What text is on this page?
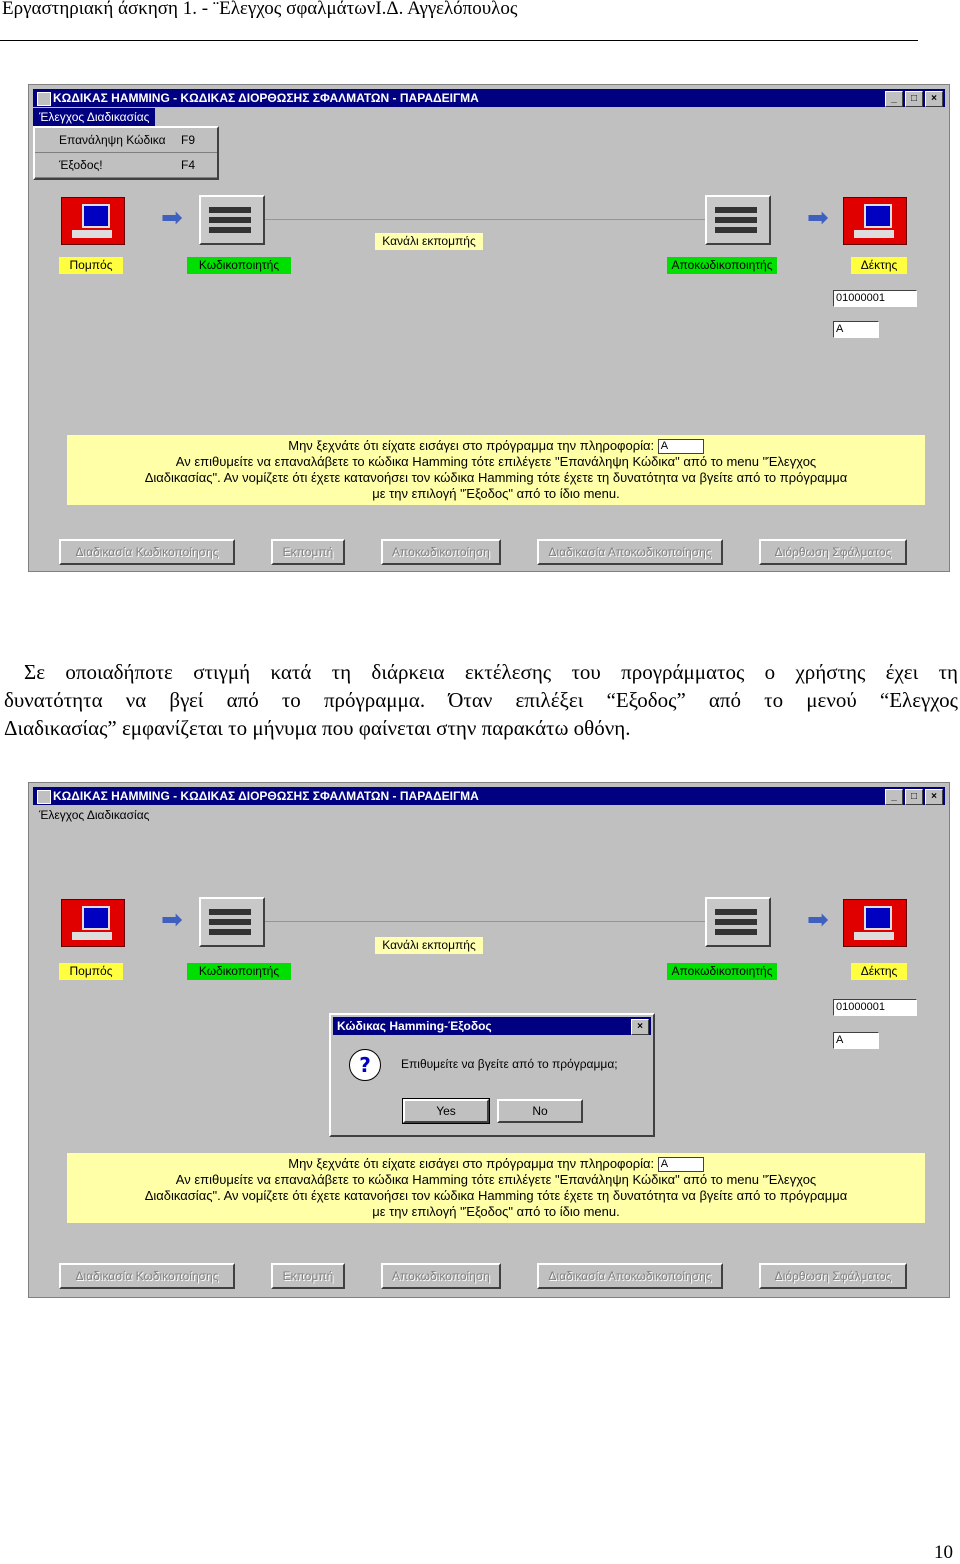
Εργαστηριακή άσκηση 1. - ¨Ελεγχος σφαλμάτωνΙ.Δ. Αγγελόπουλος
ΚΩΔΙΚΑΣ HAMMING - ΚΩΔΙΚΑΣ ΔΙΟΡΘΩΣΗΣ ΣΦΑΛΜΑΤΩΝ - ΠΑΡΑΔΕΙΓΜΑ	_	□	×
Έλεγχος Διαδικασίας
Επανάληψη Κώδικα F9
Έξοδος!	F4
➡	➡
Πομπός	Κωδικοποιητής
Κανάλι εκπομπής
Αποκωδικοποιητής	Δέκτης
01000001
A
Μην ξεχνάτε ότι είχατε εισάγει στο πρόγραμμα την πληροφορία: A
Αν επιθυμείτε να επαναλάβετε το κώδικα Hamming τότε επιλέγετε "Επανάληψη Κώδικα" από το menu "Έλεγχος
Διαδικασίας". Αν νομίζετε ότι έχετε κατανοήσει τον κώδικα Hamming τότε έχετε τη δυνατότητα να βγείτε από το πρόγραμμα
με την επιλογή "Έξοδος" από το ίδιο menu.
Διαδικασία Κωδικοποίησης	Εκπομπή	Αποκωδικοποίηση	Διαδικασία Αποκωδικοποίησης	Διόρθωση Σφάλματος
Σε οποιαδήποτε στιγμή κατά τη διάρκεια εκτέλεσης του προγράμματος ο χρήστης έχει τη
δυνατότητα να βγεί από το πρόγραμμα. Όταν επιλέξει “Εξοδος” από το μενού “Ελεγχος
Διαδικασίας” εμφανίζεται το μήνυμα που φαίνεται στην παρακάτω οθόνη.
ΚΩΔΙΚΑΣ HAMMING - ΚΩΔΙΚΑΣ ΔΙΟΡΘΩΣΗΣ ΣΦΑΛΜΑΤΩΝ - ΠΑΡΑΔΕΙΓΜΑ	_	□	×
Έλεγχος Διαδικασίας
➡	➡
Πομπός	Κωδικοποιητής
Κανάλι εκπομπής
Αποκωδικοποιητής	Δέκτης
01000001
A
Κώδικας Hamming-Έξοδος	×
?	Επιθυμείτε να βγείτε από το πρόγραμμα;
Yes	No
Μην ξεχνάτε ότι είχατε εισάγει στο πρόγραμμα την πληροφορία: A
Αν επιθυμείτε να επαναλάβετε το κώδικα Hamming τότε επιλέγετε "Επανάληψη Κώδικα" από το menu "Έλεγχος
Διαδικασίας". Αν νομίζετε ότι έχετε κατανοήσει τον κώδικα Hamming τότε έχετε τη δυνατότητα να βγείτε από το πρόγραμμα
με την επιλογή "Έξοδος" από το ίδιο menu.
Διαδικασία Κωδικοποίησης	Εκπομπή	Αποκωδικοποίηση	Διαδικασία Αποκωδικοποίησης	Διόρθωση Σφάλματος
10
